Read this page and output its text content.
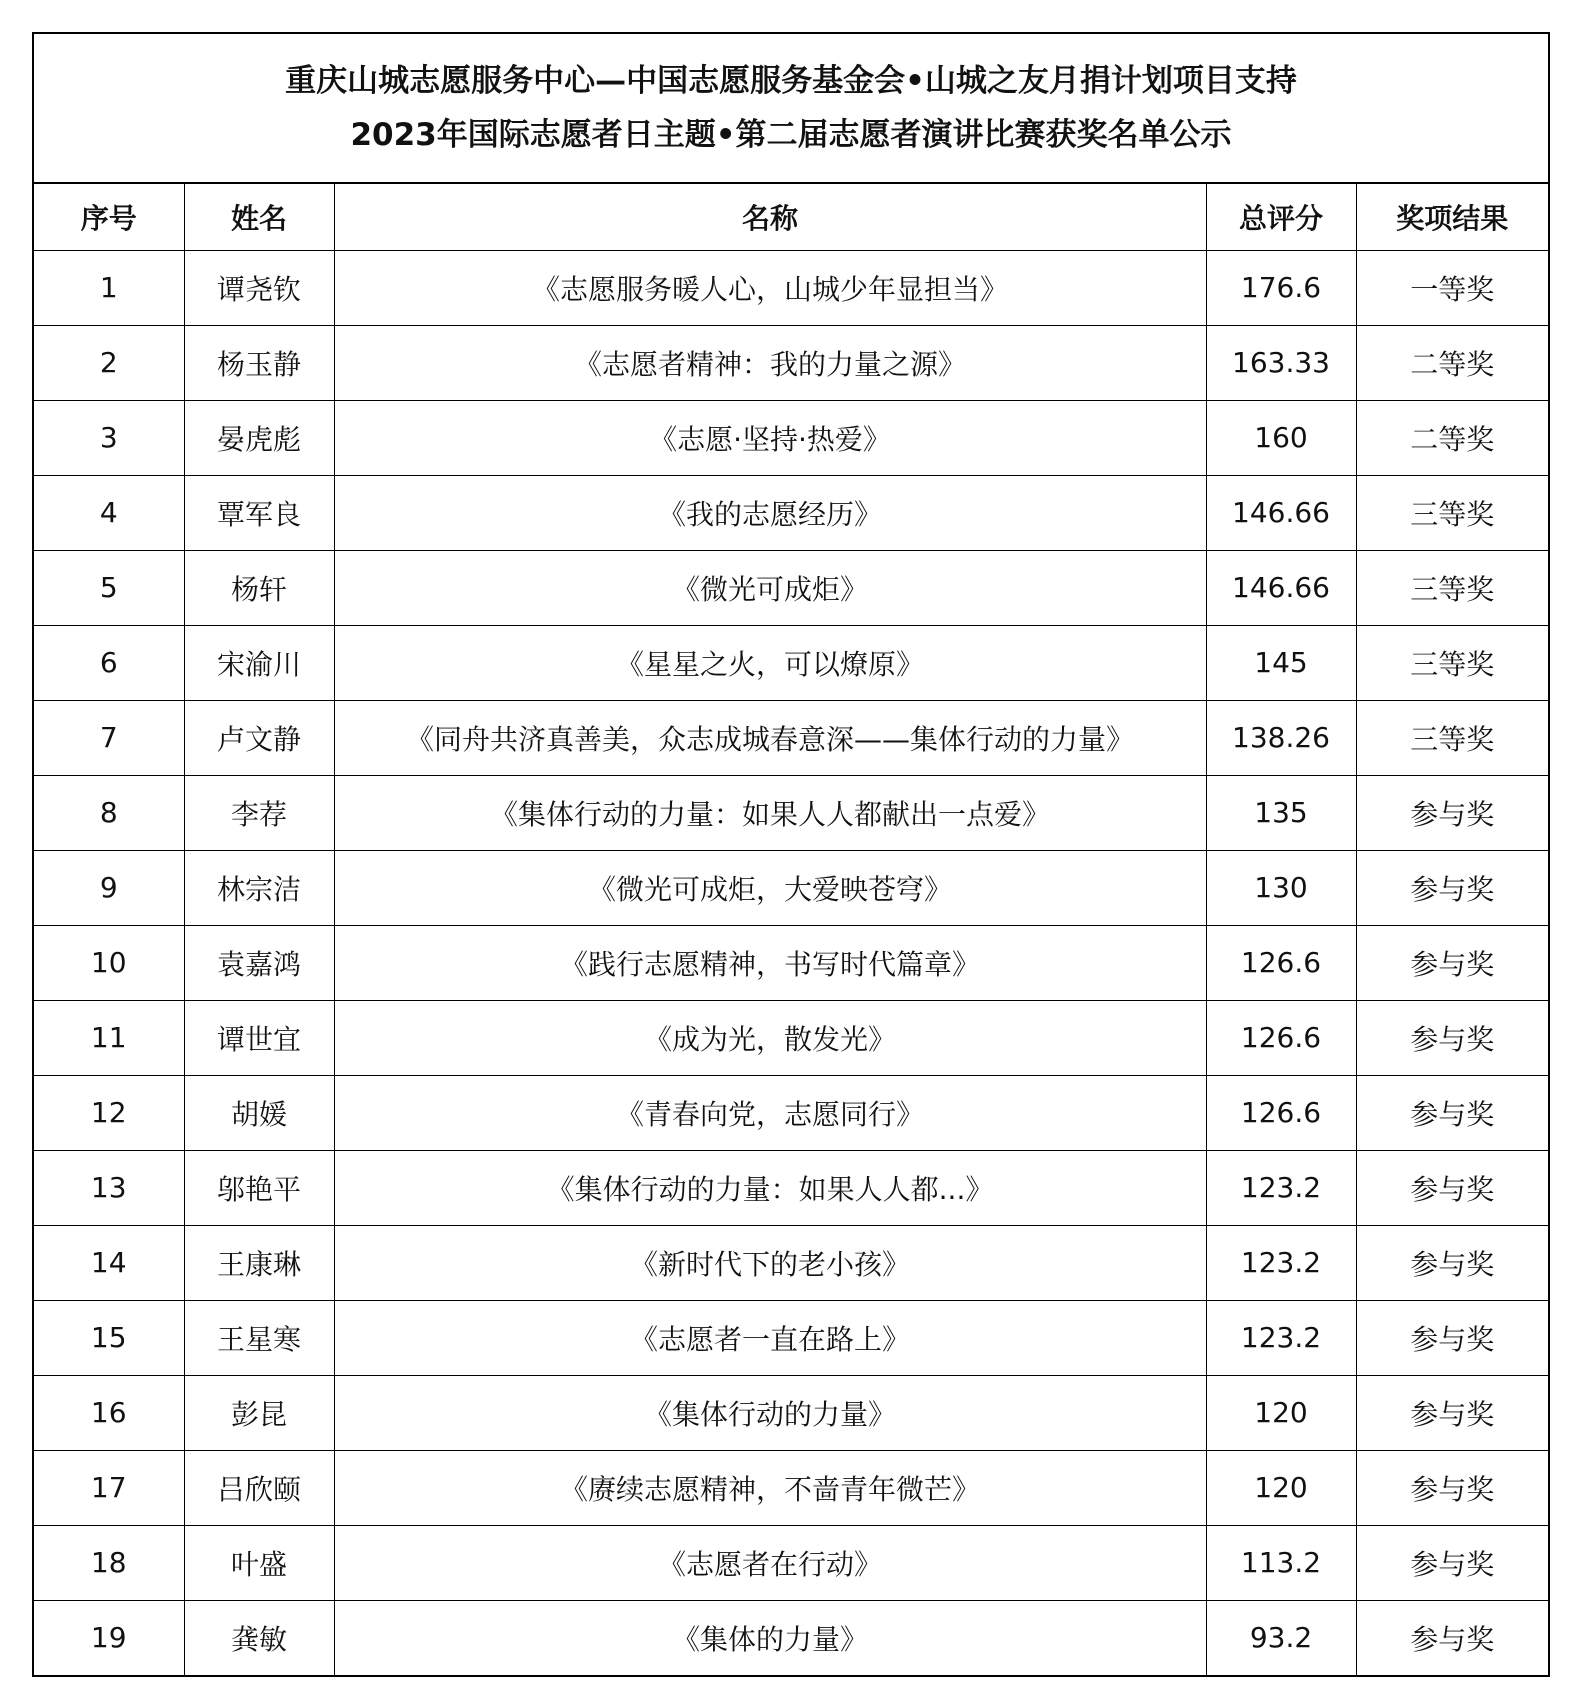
重庆山城志愿服务中心—中国志愿服务基金会•山城之友月捐计划项目支持
2023年国际志愿者日主题•第二届志愿者演讲比赛获奖名单公示
序号	姓名	名称	总评分	奖项结果
1	谭尧钦	《志愿服务暖人心，山城少年显担当》	176.6	一等奖
2	杨玉静	《志愿者精神：我的力量之源》	163.33	二等奖
3	晏虎彪	《志愿·坚持·热爱》	160	二等奖
4	覃军良	《我的志愿经历》	146.66	三等奖
5	杨轩	《微光可成炬》	146.66	三等奖
6	宋渝川	《星星之火，可以燎原》	145	三等奖
7	卢文静	《同舟共济真善美，众志成城春意深——集体行动的力量》	138.26	三等奖
8	李荐	《集体行动的力量：如果人人都献出一点爱》	135	参与奖
9	林宗洁	《微光可成炬，大爱映苍穹》	130	参与奖
10	袁嘉鸿	《践行志愿精神，书写时代篇章》	126.6	参与奖
11	谭世宜	《成为光，散发光》	126.6	参与奖
12	胡媛	《青春向党，志愿同行》	126.6	参与奖
13	邬艳平	《集体行动的力量：如果人人都...》	123.2	参与奖
14	王康琳	《新时代下的老小孩》	123.2	参与奖
15	王星寒	《志愿者一直在路上》	123.2	参与奖
16	彭昆	《集体行动的力量》	120	参与奖
17	吕欣颐	《赓续志愿精神，不啬青年微芒》	120	参与奖
18	叶盛	《志愿者在行动》	113.2	参与奖
19	龚敏	《集体的力量》	93.2	参与奖
